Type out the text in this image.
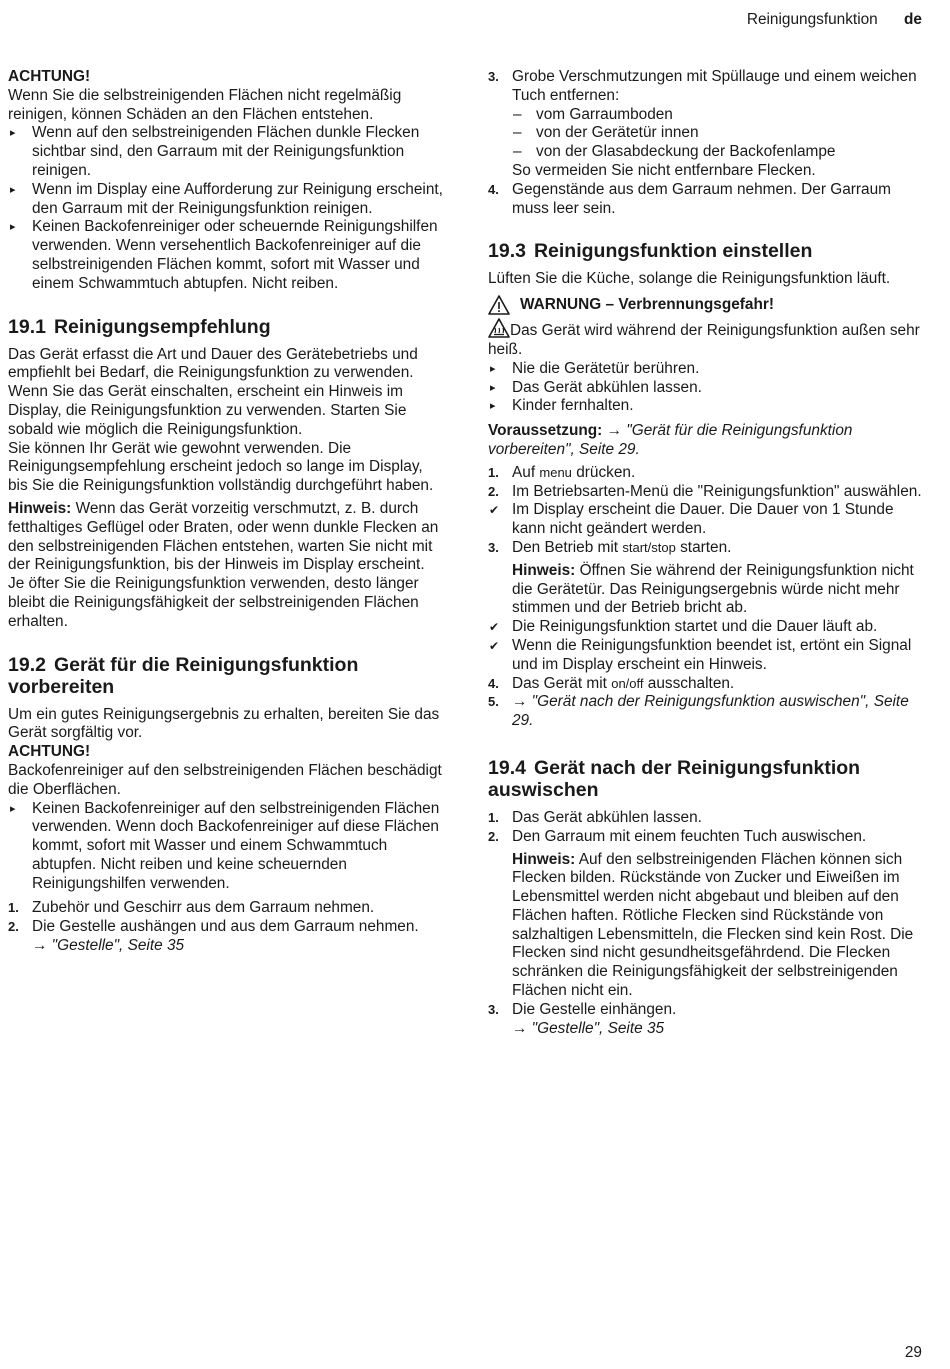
Reinigungsfunktion de

ACHTUNG!

Wenn Sie die selbstreinigenden Flächen nicht regelmäßig reinigen, können Schäden an den Flächen entstehen.

▸ Wenn auf den selbstreinigenden Flächen dunkle Flecken sichtbar sind, den Garraum mit der Reinigungsfunktion reinigen.

▸ Wenn im Display eine Aufforderung zur Reinigung erscheint, den Garraum mit der Reinigungsfunktion reinigen.

▸ Keinen Backofenreiniger oder scheuernde Reinigungshilfen verwenden. Wenn versehentlich Backofenreiniger auf die selbstreinigenden Flächen kommt, sofort mit Wasser und einem Schwammtuch abtupfen. Nicht reiben.

19.1 Reinigungsempfehlung

Das Gerät erfasst die Art und Dauer des Gerätebetriebs und empfiehlt bei Bedarf, die Reinigungsfunktion zu verwenden.

Wenn Sie das Gerät einschalten, erscheint ein Hinweis im Display, die Reinigungsfunktion zu verwenden. Starten Sie sobald wie möglich die Reinigungsfunktion.

Sie können Ihr Gerät wie gewohnt verwenden. Die Reinigungsempfehlung erscheint jedoch so lange im Display, bis Sie die Reinigungsfunktion vollständig durchgeführt haben.

Hinweis: Wenn das Gerät vorzeitig verschmutzt, z. B. durch fetthaltiges Geflügel oder Braten, oder wenn dunkle Flecken an den selbstreinigenden Flächen entstehen, warten Sie nicht mit der Reinigungsfunktion, bis der Hinweis im Display erscheint. Je öfter Sie die Reinigungsfunktion verwenden, desto länger bleibt die Reinigungsfähigkeit der selbstreinigenden Flächen erhalten.

19.2 Gerät für die Reinigungsfunktion vorbereiten

Um ein gutes Reinigungsergebnis zu erhalten, bereiten Sie das Gerät sorgfältig vor.

ACHTUNG!

Backofenreiniger auf den selbstreinigenden Flächen beschädigt die Oberflächen.

▸ Keinen Backofenreiniger auf den selbstreinigenden Flächen verwenden. Wenn doch Backofenreiniger auf diese Flächen kommt, sofort mit Wasser und einem Schwammtuch abtupfen. Nicht reiben und keine scheuernden Reinigungshilfen verwenden.

1. Zubehör und Geschirr aus dem Garraum nehmen.

2. Die Gestelle aushängen und aus dem Garraum nehmen.

→ "Gestelle", Seite 35

3. Grobe Verschmutzungen mit Spüllauge und einem weichen Tuch entfernen:

– vom Garraumboden

– von der Gerätetür innen

– von der Glasabdeckung der Backofenlampe

So vermeiden Sie nicht entfernbare Flecken.

4. Gegenstände aus dem Garraum nehmen. Der Garraum muss leer sein.

19.3 Reinigungsfunktion einstellen

Lüften Sie die Küche, solange die Reinigungsfunktion läuft.

WARNUNG – Verbrennungsgefahr!

Das Gerät wird während der Reinigungsfunktion außen sehr heiß.

▸ Nie die Gerätetür berühren.

▸ Das Gerät abkühlen lassen.

▸ Kinder fernhalten.

Voraussetzung: → "Gerät für die Reinigungsfunktion vorbereiten", Seite 29.

1. Auf menu drücken.

2. Im Betriebsarten-Menü die "Reinigungsfunktion" auswählen.

✔ Im Display erscheint die Dauer. Die Dauer von 1 Stunde kann nicht geändert werden.

3. Den Betrieb mit start/stop starten.

Hinweis: Öffnen Sie während der Reinigungsfunktion nicht die Gerätetür. Das Reinigungsergebnis würde nicht mehr stimmen und der Betrieb bricht ab.

✔ Die Reinigungsfunktion startet und die Dauer läuft ab.

✔ Wenn die Reinigungsfunktion beendet ist, ertönt ein Signal und im Display erscheint ein Hinweis.

4. Das Gerät mit on/off ausschalten.

5. → "Gerät nach der Reinigungsfunktion auswischen", Seite 29.

19.4 Gerät nach der Reinigungsfunktion auswischen

1. Das Gerät abkühlen lassen.

2. Den Garraum mit einem feuchten Tuch auswischen.

Hinweis: Auf den selbstreinigenden Flächen können sich Flecken bilden. Rückstände von Zucker und Eiweißen im Lebensmittel werden nicht abgebaut und bleiben auf den Flächen haften. Rötliche Flecken sind Rückstände von salzhaltigen Lebensmitteln, die Flecken sind kein Rost. Die Flecken sind nicht gesundheitsgefährdend. Die Flecken schränken die Reinigungsfähigkeit der selbstreinigenden Flächen nicht ein.

3. Die Gestelle einhängen.

→ "Gestelle", Seite 35

29
